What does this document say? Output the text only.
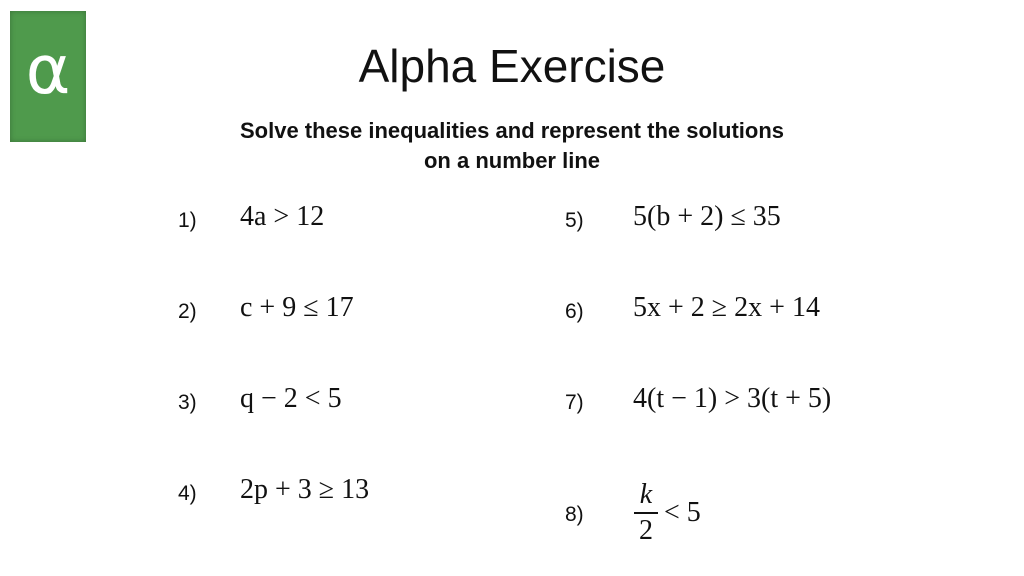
α	Alpha Exercise
Solve these inequalities and represent the solutions
on a number line
1) 4a > 12
2) c + 9 ≤ 17
3) q − 2 < 5
4) 2p + 3 ≥ 13
5) 5(b + 2) ≤ 35
6) 5x + 2 ≥ 2x + 14
7) 4(t − 1) > 3(t + 5)
8)
k
2
< 5
